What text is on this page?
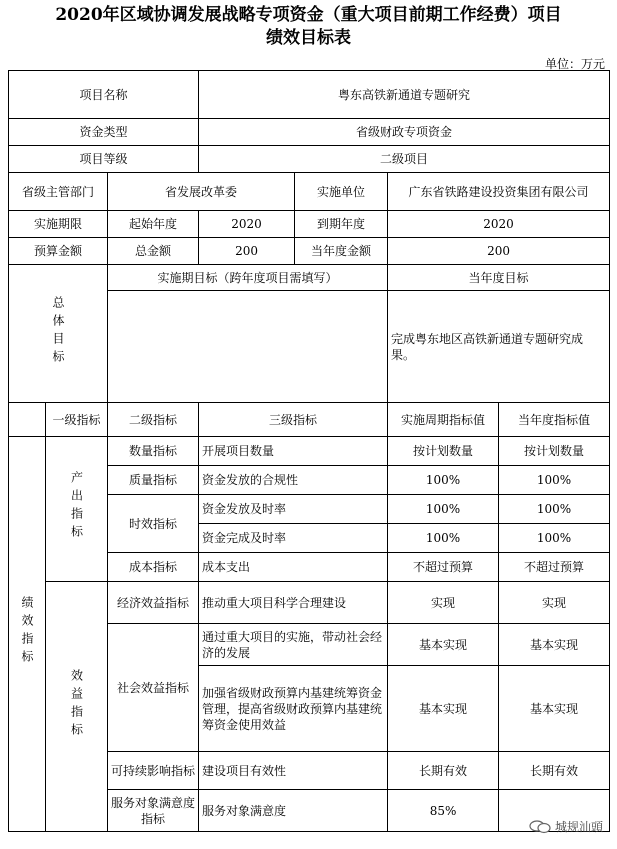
2020年区域协调发展战略专项资金（重大项目前期工作经费）项目
绩效目标表
单位：万元
项目名称			粤东高铁新通道专题研究			
资金类型			省级财政专项资金			
项目等级			二级项目			
省级主管部门		省发展改革委		实施单位	广东省铁路建设投资集团有限公司	
实施期限		起始年度	2020	到期年度	2020	
预算金额		总金额	200	当年度金额	200	
总体目标		实施期目标（跨年度项目需填写）			当年度目标	
					完成粤东地区高铁新通道专题研究成果。	
	一级指标	二级指标	三级指标		实施周期指标值	当年度指标值
绩效指标	产出指标	数量指标	开展项目数量		按计划数量	按计划数量
		质量指标	资金发放的合规性		100%	100%
		时效指标	资金发放及时率		100%	100%
			资金完成及时率		100%	100%
		成本指标	成本支出		不超过预算	不超过预算
	效益指标	经济效益指标	推动重大项目科学合理建设		实现	实现
		社会效益指标	通过重大项目的实施，带动社会经济的发展		基本实现	基本实现
			加强省级财政预算内基建统筹资金管理，提高省级财政预算内基建统筹资金使用效益		基本实现	基本实现
		可持续影响指标	建设项目有效性		长期有效	长期有效
		服务对象满意度指标	服务对象满意度		85%	
城规汕頭
